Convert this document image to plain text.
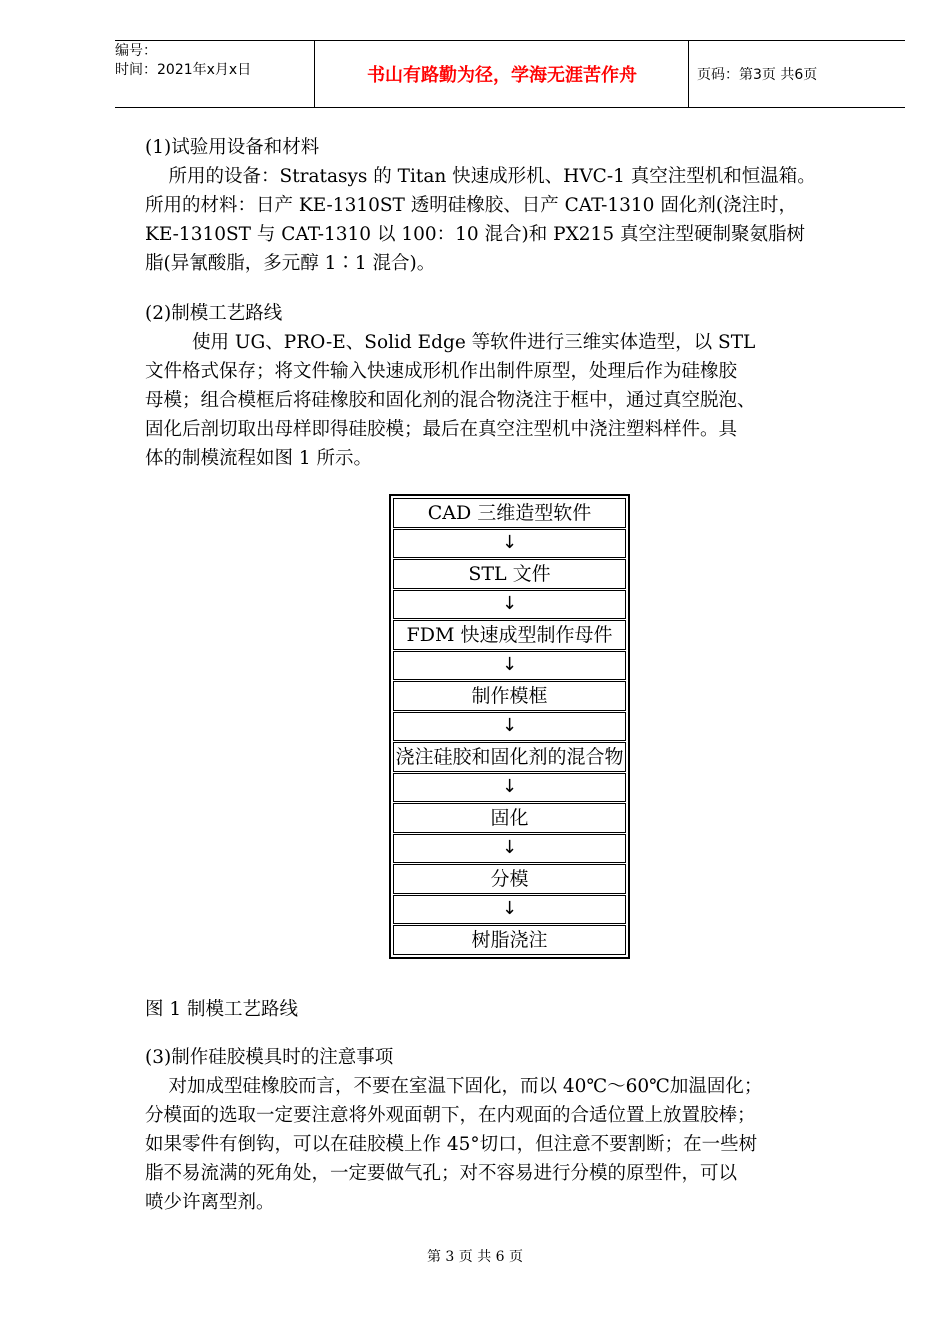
编号：
时间：2021年x月x日	书山有路勤为径，学海无涯苦作舟	页码：第3页 共6页
(1)试验用设备和材料
所用的设备：Stratasys 的 Titan 快速成形机、HVC-1 真空注型机和恒温箱。
所用的材料：日产 KE-1310ST 透明硅橡胶、日产 CAT-1310 固化剂(浇注时，
KE-1310ST 与 CAT-1310 以 100：10 混合)和 PX215 真空注型硬制聚氨脂树
脂(异氰酸脂，多元醇 1∶1 混合)。
(2)制模工艺路线
使用 UG、PRO-E、Solid Edge 等软件进行三维实体造型，以 STL
文件格式保存；将文件输入快速成形机作出制件原型，处理后作为硅橡胶
母模；组合模框后将硅橡胶和固化剂的混合物浇注于框中，通过真空脱泡、
固化后剖切取出母样即得硅胶模；最后在真空注型机中浇注塑料样件。具
体的制模流程如图 1 所示。
CAD 三维造型软件
↓
STL 文件
↓
FDM 快速成型制作母件
↓
制作模框
↓
浇注硅胶和固化剂的混合物
↓
固化
↓
分模
↓
树脂浇注
图 1 制模工艺路线
(3)制作硅胶模具时的注意事项
对加成型硅橡胶而言，不要在室温下固化，而以 40℃～60℃加温固化；
分模面的选取一定要注意将外观面朝下，在内观面的合适位置上放置胶棒；
如果零件有倒钩，可以在硅胶模上作 45°切口，但注意不要割断；在一些树
脂不易流满的死角处，一定要做气孔；对不容易进行分模的原型件，可以
喷少许离型剂。
第 3 页 共 6 页
